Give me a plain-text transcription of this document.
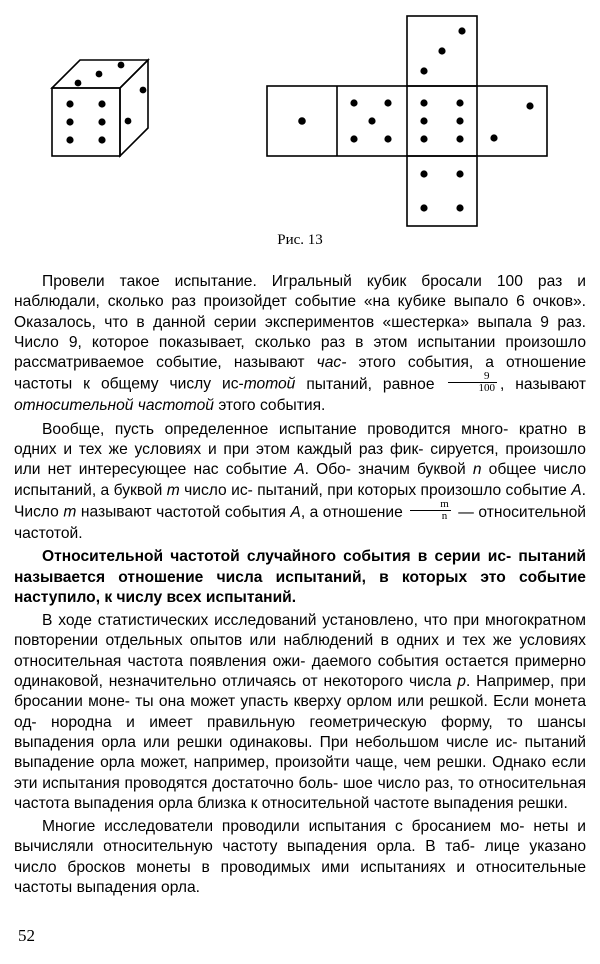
Рис. 13

Провели такое испытание. Игральный кубик бросали 100 раз и наблюдали, сколько раз произойдет событие «на кубике выпало 6 очков». Оказалось, что в данной серии экспериментов «шестерка» выпала 9 раз. Число 9, которое показывает, сколько раз в этом испытании произошло рассматриваемое событие, называют час- этого события, а отношение частоты к общему числу ис-тотой пытаний, равное $\frac{9}{100}$ , называют относительной частотой этого события.

Вообще, пусть определенное испытание проводится много- кратно в одних и тех же условиях и при этом каждый раз фик- сируется, произошло или нет интересующее нас событие A. Обо- значим буквой n общее число испытаний, а буквой m число ис- пытаний, при которых произошло событие A. Число m называют частотой события A, а отношение $\frac{m}{n}$ — относительной частотой.

Относительной частотой случайного события в серии ис- пытаний называется отношение числа испытаний, в которых это событие наступило, к числу всех испытаний.

В ходе статистических исследований установлено, что при многократном повторении отдельных опытов или наблюдений в одних и тех же условиях относительная частота появления ожи- даемого события остается примерно одинаковой, незначительно отличаясь от некоторого числа p. Например, при бросании моне- ты она может упасть кверху орлом или решкой. Если монета од- нородна и имеет правильную геометрическую форму, то шансы выпадения орла или решки одинаковы. При небольшом числе ис- пытаний выпадение орла может, например, произойти чаще, чем решки. Однако если эти испытания проводятся достаточно боль- шое число раз, то относительная частота выпадения орла близка к относительной частоте выпадения решки.

Многие исследователи проводили испытания с бросанием мо- неты и вычисляли относительную частоту выпадения орла. В таб- лице указано число бросков монеты в проводимых ими испытаниях и относительные частоты выпадения орла.

52
